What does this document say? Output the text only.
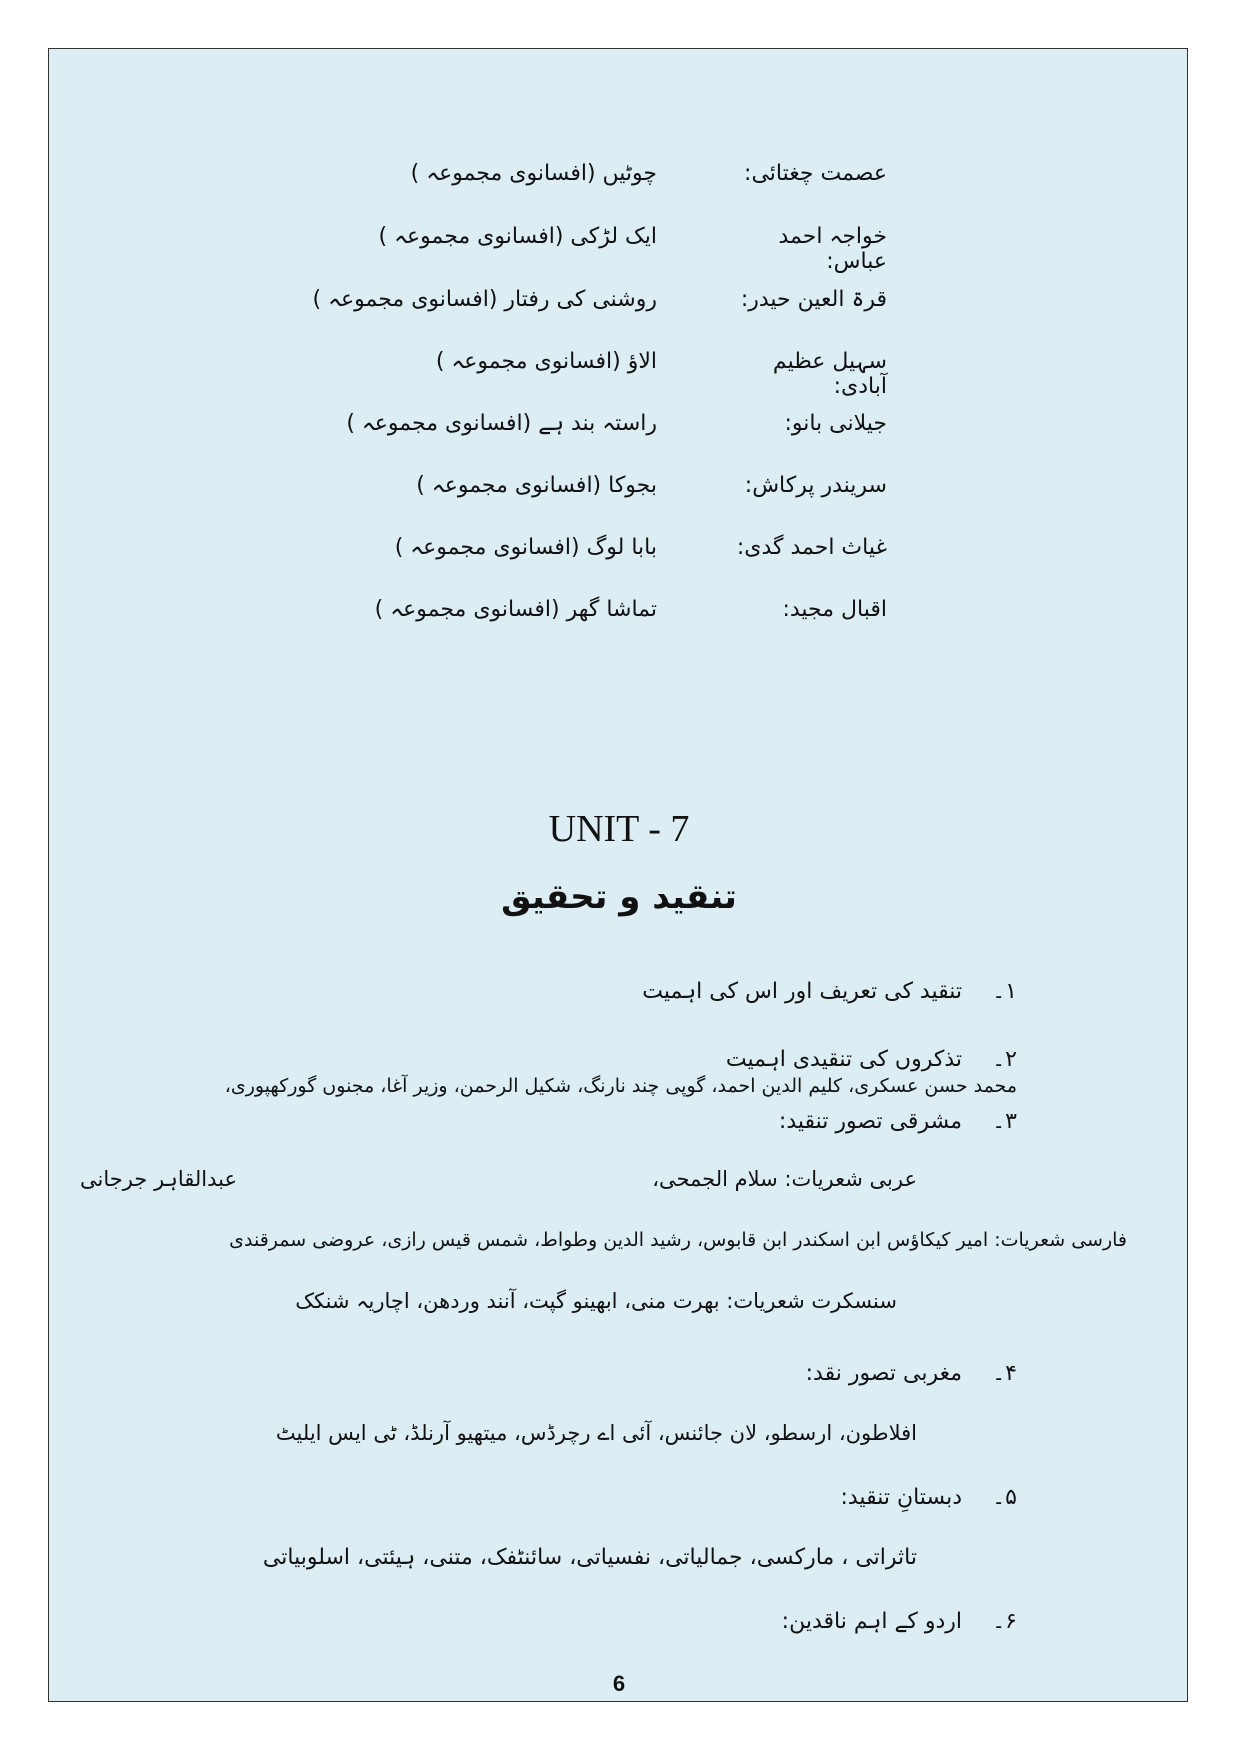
عصمت چغتائی:
چوٹیں (افسانوی مجموعہ )
خواجہ احمد عباس:
ایک لڑکی (افسانوی مجموعہ )
قرۃ العین حیدر:
روشنی کی رفتار (افسانوی مجموعہ )
سہیل عظیم آبادی:
الاؤ (افسانوی مجموعہ )
جیلانی بانو:
راستہ بند ہے (افسانوی مجموعہ )
سریندر پرکاش:
بجوکا (افسانوی مجموعہ )
غیاث احمد گدی:
بابا لوگ (افسانوی مجموعہ )
اقبال مجید:
تماشا گھر (افسانوی مجموعہ )
UNIT - 7
تنقید و تحقیق
۱۔ تنقید کی تعریف اور اس کی اہمیت
۲۔ تذکروں کی تنقیدی اہمیت
محمد حسن عسکری، کلیم الدین احمد، گوپی چند نارنگ، شکیل الرحمن، وزیر آغا، مجنوں گورکھپوری،
۳۔ مشرقی تصور تنقید:
عربی شعریات: سلام الجمحی،
عبدالقاہر جرجانی
فارسی شعریات: امیر کیکاؤس ابن اسکندر ابن قابوس، رشید الدین وطواط، شمس قیس رازی، عروضی سمرقندی
سنسکرت شعریات: بھرت منی، ابھینو گپت، آنند وردھن، اچاریہ شنکک
۴۔ مغربی تصور نقد:
افلاطون، ارسطو، لان جائنس، آئی اے رچرڈس، میتھیو آرنلڈ، ٹی ایس ایلیٹ
۵۔ دبستانِ تنقید:
تاثراتی ، مارکسی، جمالیاتی، نفسیاتی، سائنٹفک، متنی، ہیئتی، اسلوبیاتی
۶۔ اردو کے اہم ناقدین:
6
